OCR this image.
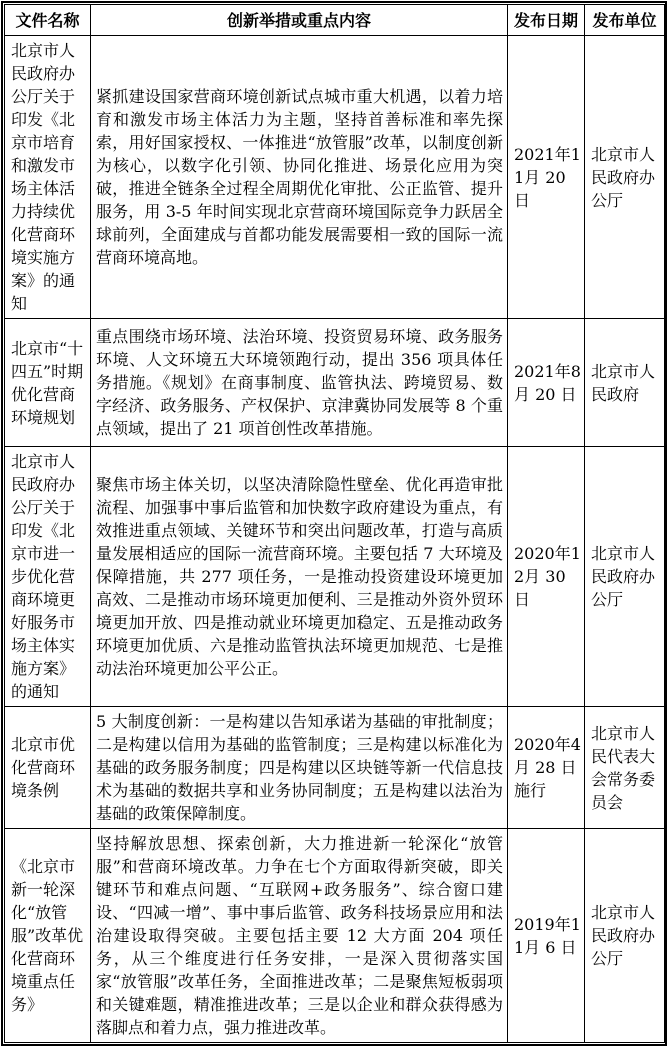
文件名称	创新举措或重点内容	发布日期	发布单位
北京市人民政府办公厅关于印发《北京市培育和激发市场主体活力持续优化营商环境实施方案》的通知	紧抓建设国家营商环境创新试点城市重大机遇，以着力培育和激发市场主体活力为主题，坚持首善标准和率先探索，用好国家授权、一体推进“放管服”改革，以制度创新为核心，以数字化引领、协同化推进、场景化应用为突破，推进全链条全过程全周期优化审批、公正监管、提升服务，用 3-5 年时间实现北京营商环境国际竞争力跃居全球前列，全面建成与首都功能发展需要相一致的国际一流营商环境高地。	2021年11月 20 日	北京市人民政府办公厅
北京市“十四五”时期优化营商环境规划	重点围绕市场环境、法治环境、投资贸易环境、政务服务环境、人文环境五大环境领跑行动，提出 356 项具体任务措施。《规划》在商事制度、监管执法、跨境贸易、数字经济、政务服务、产权保护、京津冀协同发展等 8 个重点领域，提出了 21 项首创性改革措施。	2021年8月 20 日	北京市人民政府
北京市人民政府办公厅关于印发《北京市进一步优化营商环境更好服务市场主体实施方案》的通知	聚焦市场主体关切，以坚决清除隐性壁垒、优化再造审批流程、加强事中事后监管和加快数字政府建设为重点，有效推进重点领域、关键环节和突出问题改革，打造与高质量发展相适应的国际一流营商环境。主要包括 7 大环境及保障措施，共 277 项任务，一是推动投资建设环境更加高效、二是推动市场环境更加便利、三是推动外资外贸环境更加开放、四是推动就业环境更加稳定、五是推动政务环境更加优质、六是推动监管执法环境更加规范、七是推动法治环境更加公平公正。	2020年12月 30 日	北京市人民政府办公厅
北京市优化营商环境条例	5 大制度创新：一是构建以告知承诺为基础的审批制度；二是构建以信用为基础的监管制度；三是构建以标准化为基础的政务服务制度；四是构建以区块链等新一代信息技术为基础的数据共享和业务协同制度；五是构建以法治为基础的政策保障制度。	2020年4月 28 日施行	北京市人民代表大会常务委员会
《北京市新一轮深化“放管服”改革优化营商环境重点任务》	坚持解放思想、探索创新，大力推进新一轮深化“放管服”和营商环境改革。力争在七个方面取得新突破，即关键环节和难点问题、“互联网+政务服务”、综合窗口建设、“四减一增”、事中事后监管、政务科技场景应用和法治建设取得突破。主要包括主要 12 大方面 204 项任务，从三个维度进行任务安排，一是深入贯彻落实国家“放管服”改革任务，全面推进改革；二是聚焦短板弱项和关键难题，精准推进改革；三是以企业和群众获得感为落脚点和着力点，强力推进改革。	2019年11月 6 日	北京市人民政府办公厅
